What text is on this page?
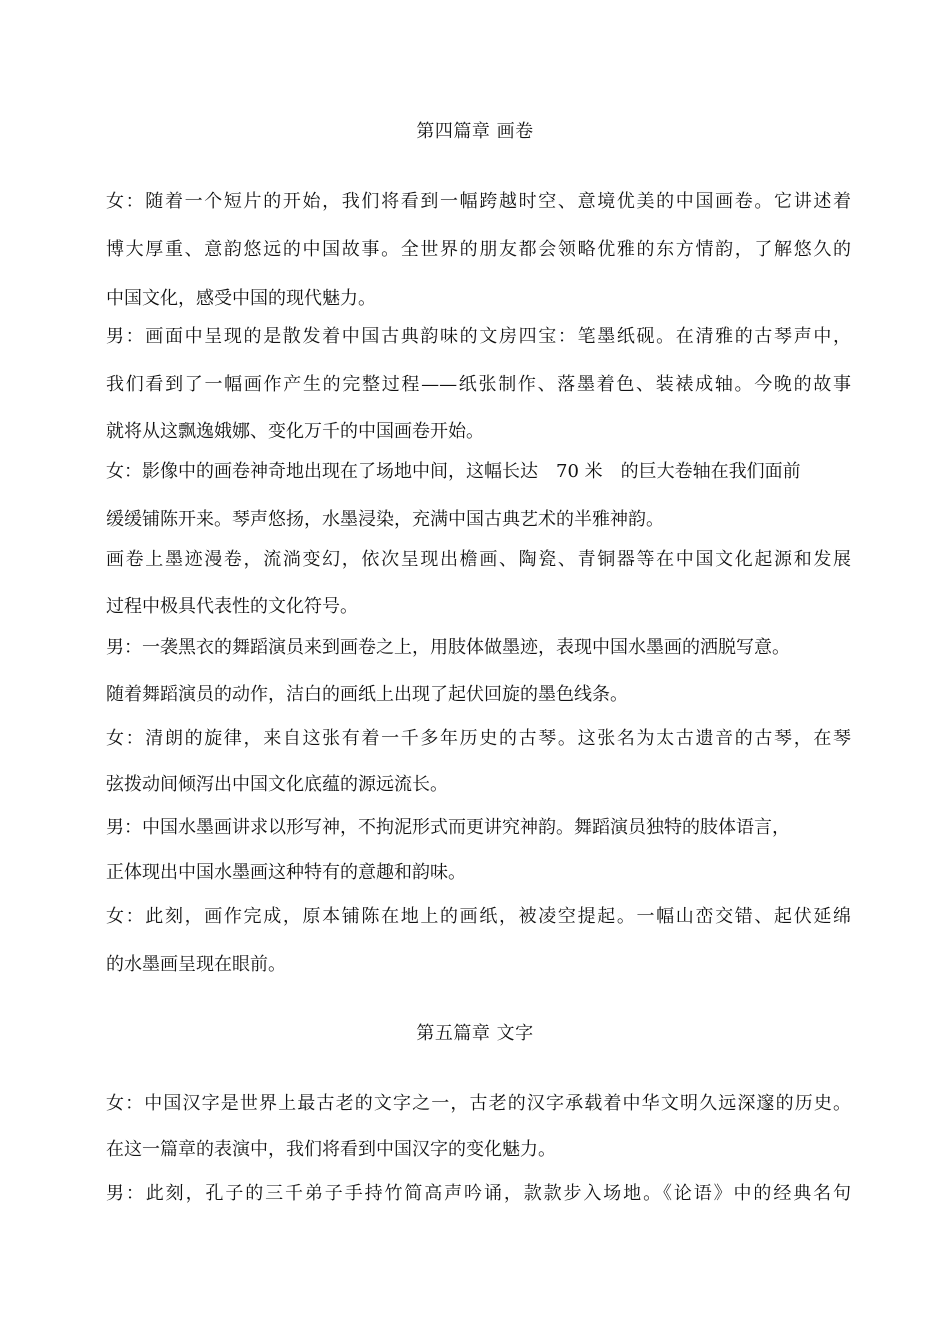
第四篇章 画卷
女：随着一个短片的开始，我们将看到一幅跨越时空、意境优美的中国画卷。它讲述着
博大厚重、意韵悠远的中国故事。全世界的朋友都会领略优雅的东方情韵，了解悠久的
中国文化，感受中国的现代魅力。
男：画面中呈现的是散发着中国古典韵味的文房四宝：笔墨纸砚。在清雅的古琴声中，
我们看到了一幅画作产生的完整过程——纸张制作、落墨着色、装裱成轴。今晚的故事
就将从这飘逸娥娜、变化万千的中国画卷开始。
女：影像中的画卷神奇地出现在了场地中间，这幅长达　70 米　的巨大卷轴在我们面前
缓缓铺陈开来。琴声悠扬，水墨浸染，充满中国古典艺术的半雅神韵。
画卷上墨迹漫卷，流淌变幻，依次呈现出檐画、陶瓷、青铜器等在中国文化起源和发展
过程中极具代表性的文化符号。
男：一袭黑衣的舞蹈演员来到画卷之上，用肢体做墨迹，表现中国水墨画的洒脱写意。
随着舞蹈演员的动作，洁白的画纸上出现了起伏回旋的墨色线条。
女：清朗的旋律，来自这张有着一千多年历史的古琴。这张名为太古遗音的古琴，在琴
弦拨动间倾泻出中国文化底蕴的源远流长。
男：中国水墨画讲求以形写神，不拘泥形式而更讲究神韵。舞蹈演员独特的肢体语言，
正体现出中国水墨画这种特有的意趣和韵味。
女：此刻，画作完成，原本铺陈在地上的画纸，被凌空提起。一幅山峦交错、起伏延绵
的水墨画呈现在眼前。
第五篇章 文字
女：中国汉字是世界上最古老的文字之一，古老的汉字承载着中华文明久远深邃的历史。
在这一篇章的表演中，我们将看到中国汉字的变化魅力。
男：此刻，孔子的三千弟子手持竹简高声吟诵，款款步入场地。《论语》中的经典名句
